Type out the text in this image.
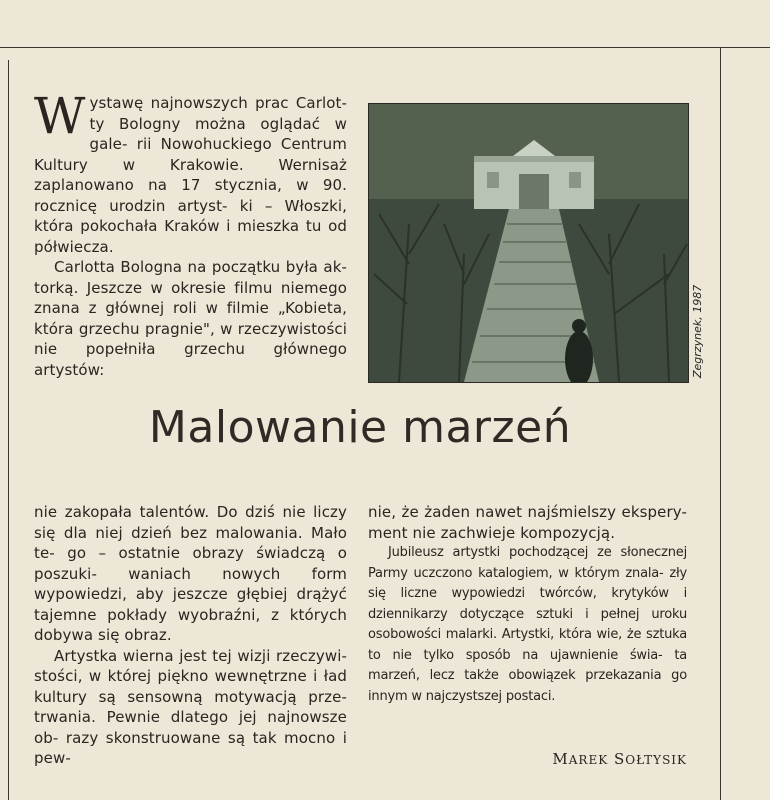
W ystawę najnowszych prac Carlot- ty Bologny można oglądać w gale- rii Nowohuckiego Centrum Kultury w Krakowie. Wernisaż zaplanowano na 17 stycznia, w 90. rocznicę urodzin artyst- ki – Włoszki, która pokochała Kraków i mieszka tu od półwiecza.

Carlotta Bologna na początku była ak- torką. Jeszcze w okresie filmu niemego znana z głównej roli w filmie „Kobieta, która grzechu pragnie", w rzeczywistości nie popełniła grzechu głównego artystów:	Zegrzynek, 1987
Malowanie marzeń

nie zakopała talentów. Do dziś nie liczy się dla niej dzień bez malowania. Mało te- go – ostatnie obrazy świadczą o poszuki- waniach nowych form wypowiedzi, aby jeszcze głębiej drążyć tajemne pokłady wyobraźni, z których dobywa się obraz.

Artystka wierna jest tej wizji rzeczywi- stości, w której piękno wewnętrzne i ład kultury są sensowną motywacją prze- trwania. Pewnie dlatego jej najnowsze ob- razy skonstruowane są tak mocno i pew-

nie, że żaden nawet najśmielszy ekspery- ment nie zachwieje kompozycją.

Jubileusz artystki pochodzącej ze słonecznej Parmy uczczono katalogiem, w którym znala- zły się liczne wypowiedzi twórców, krytyków i dziennikarzy dotyczące sztuki i pełnej uroku osobowości malarki. Artystki, która wie, że sztuka to nie tylko sposób na ujawnienie świa- ta marzeń, lecz także obowiązek przekazania go innym w najczystszej postaci.

MAREK SOŁTYSIK
